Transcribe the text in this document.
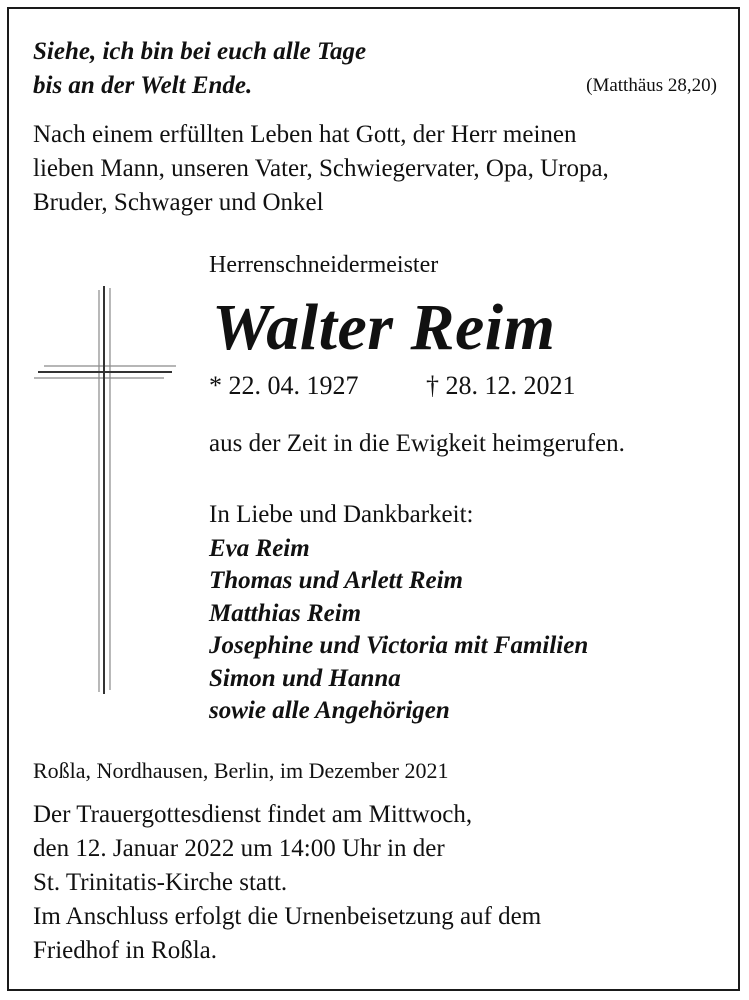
Siehe, ich bin bei euch alle Tage
bis an der Welt Ende.	(Matthäus 28,20)
Nach einem erfüllten Leben hat Gott, der Herr meinen
lieben Mann, unseren Vater, Schwiegervater, Opa, Uropa,
Bruder, Schwager und Onkel
Herrenschneidermeister
Walter Reim
* 22. 04. 1927	† 28. 12. 2021
aus der Zeit in die Ewigkeit heimgerufen.
In Liebe und Dankbarkeit:
Eva Reim
Thomas und Arlett Reim
Matthias Reim
Josephine und Victoria mit Familien
Simon und Hanna
sowie alle Angehörigen
Roßla, Nordhausen, Berlin, im Dezember 2021
Der Trauergottesdienst findet am Mittwoch,
den 12. Januar 2022 um 14:00 Uhr in der
St. Trinitatis-Kirche statt.
Im Anschluss erfolgt die Urnenbeisetzung auf dem
Friedhof in Roßla.
